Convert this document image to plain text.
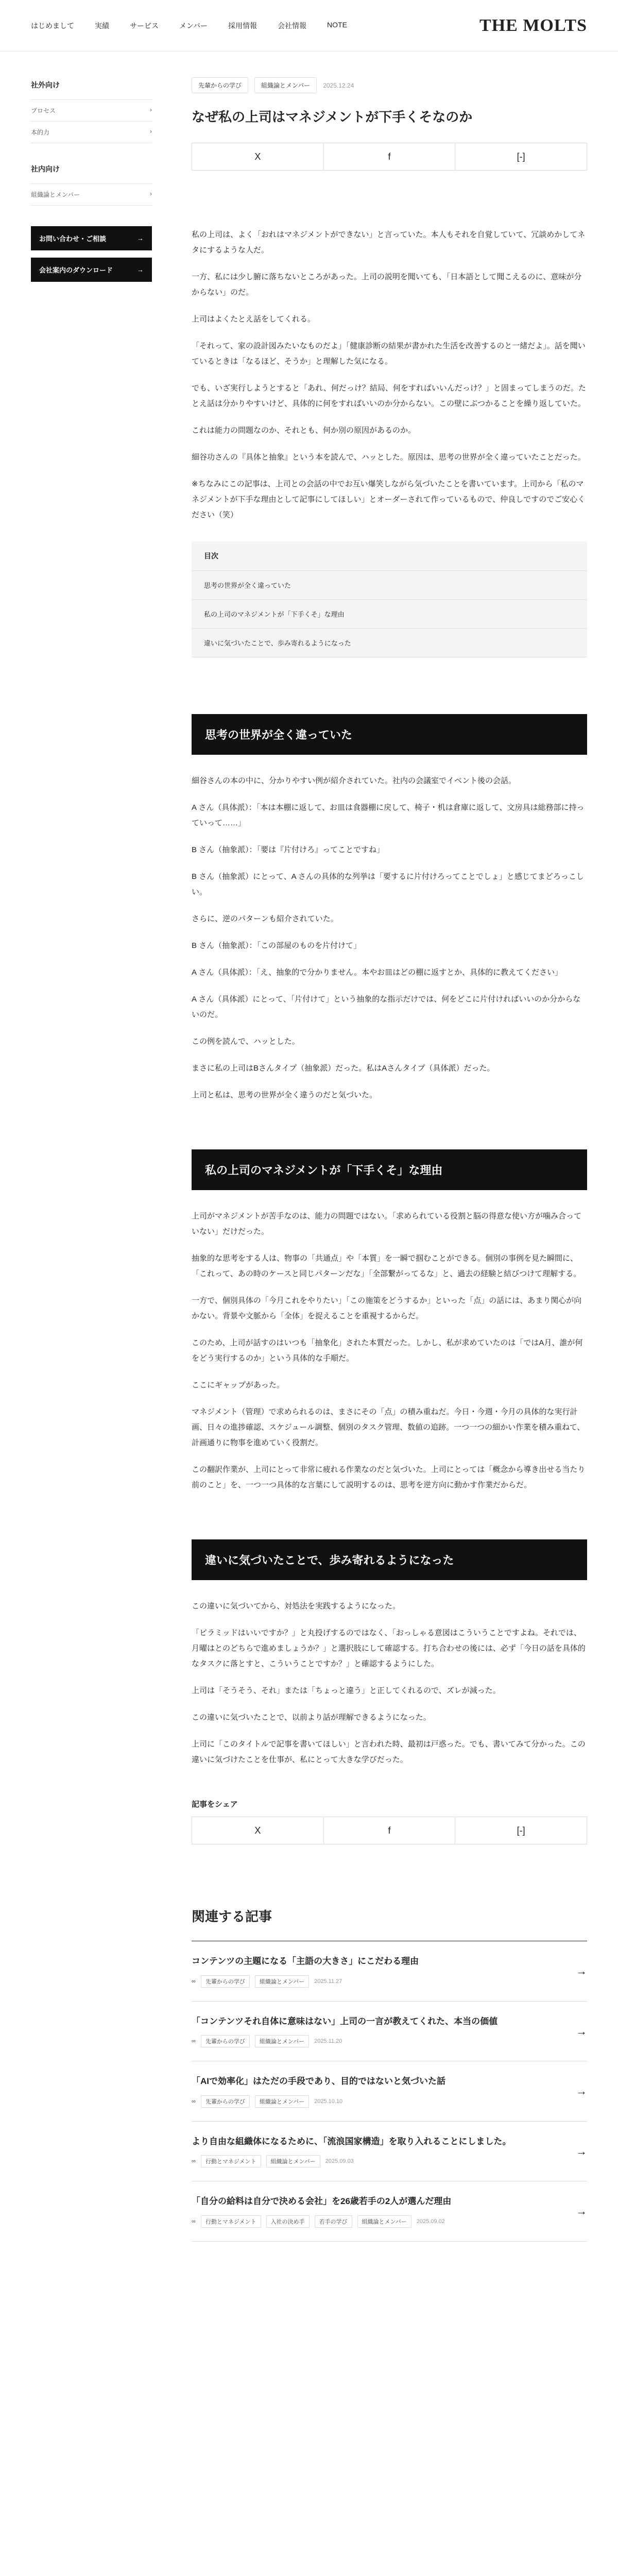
はじめまして	実績	サービス	メンバー	採用情報	会社情報	NOTE	THE MOLTS
社外向け
プロセス	›
本的力	›
社内向け
組織論とメンバー	›
お問い合わせ・ご相談	→
会社案内のダウンロード	→
先輩からの学び	組織論とメンバー	2025.12.24
なぜ私の上司はマネジメントが下手くそなのか
X	f	[-]

私の上司は、よく「おれはマネジメントができない」と言っていた。本人もそれを自覚していて、冗談めかしてネタにするような人だ。

一方、私には少し腑に落ちないところがあった。上司の説明を聞いても、「日本語として聞こえるのに、意味が分からない」のだ。

上司はよくたとえ話をしてくれる。

「それって、家の設計図みたいなものだよ」「健康診断の結果が書かれた生活を改善するのと一緒だよ」。話を聞いているときは「なるほど、そうか」と理解した気になる。

でも、いざ実行しようとすると「あれ、何だっけ？結局、何をすればいいんだっけ？」と固まってしまうのだ。たとえ話は分かりやすいけど、具体的に何をすればいいのか分からない。この壁にぶつかることを繰り返していた。

これは能力の問題なのか、それとも、何か別の原因があるのか。

細谷功さんの『具体と抽象』という本を読んで、ハッとした。原因は、思考の世界が全く違っていたことだった。

※ちなみにこの記事は、上司との会話の中でお互い爆笑しながら気づいたことを書いています。上司から「私のマネジメントが下手な理由として記事にしてほしい」とオーダーされて作っているもので、仲良しですのでご安心ください（笑）

目次
思考の世界が全く違っていた
私の上司のマネジメントが「下手くそ」な理由
違いに気づいたことで、歩み寄れるようになった
思考の世界が全く違っていた

細谷さんの本の中に、分かりやすい例が紹介されていた。社内の会議室でイベント後の会話。

A さん（具体派）：「本は本棚に返して、お皿は食器棚に戻して、椅子・机は倉庫に返して、文房具は総務部に持っていって……」

B さん（抽象派）：「要は『片付けろ』ってことですね」

B さん（抽象派）にとって、A さんの具体的な列挙は「要するに片付けろってことでしょ」と感じてまどろっこしい。

さらに、逆のパターンも紹介されていた。

B さん（抽象派）：「この部屋のものを片付けて」

A さん（具体派）：「え、抽象的で分かりません。本やお皿はどの棚に返すとか、具体的に教えてください」

A さん（具体派）にとって、「片付けて」という抽象的な指示だけでは、何をどこに片付ければいいのか分からないのだ。

この例を読んで、ハッとした。

まさに私の上司はBさんタイプ（抽象派）だった。私はAさんタイプ（具体派）だった。

上司と私は、思考の世界が全く違うのだと気づいた。

私の上司のマネジメントが「下手くそ」な理由

上司がマネジメントが苦手なのは、能力の問題ではない。「求められている役割と脳の得意な使い方が噛み合っていない」だけだった。

抽象的な思考をする人は、物事の「共通点」や「本質」を一瞬で掴むことができる。個別の事例を見た瞬間に、「これって、あの時のケースと同じパターンだな」「全部繋がってるな」と、過去の経験と結びつけて理解する。

一方で、個別具体の「今月これをやりたい」「この施策をどうするか」といった「点」の話には、あまり関心が向かない。背景や文脈から「全体」を捉えることを重視するからだ。

このため、上司が話すのはいつも「抽象化」された本質だった。しかし、私が求めていたのは「ではA月、誰が何をどう実行するのか」という具体的な手順だ。

ここにギャップがあった。

マネジメント（管理）で求められるのは、まさにその「点」の積み重ねだ。今日・今週・今月の具体的な実行計画、日々の進捗確認、スケジュール調整、個別のタスク管理、数値の追跡。一つ一つの細かい作業を積み重ねて、計画通りに物事を進めていく役割だ。

この翻訳作業が、上司にとって非常に疲れる作業なのだと気づいた。上司にとっては「概念から導き出せる当たり前のこと」を、一つ一つ具体的な言葉にして説明するのは、思考を逆方向に動かす作業だからだ。

違いに気づいたことで、歩み寄れるようになった

この違いに気づいてから、対処法を実践するようになった。

「ピラミッドはいいですか？」と丸投げするのではなく、「おっしゃる意図はこういうことですよね。それでは、月曜はとのどちらで進めましょうか？」と選択肢にして確認する。打ち合わせの後には、必ず「今日の話を具体的なタスクに落とすと、こういうことですか？」と確認するようにした。

上司は「そうそう、それ」または「ちょっと違う」と正してくれるので、ズレが減った。

この違いに気づいたことで、以前より話が理解できるようになった。

上司に「このタイトルで記事を書いてほしい」と言われた時、最初は戸惑った。でも、書いてみて分かった。この違いに気づけたことを仕事が、私にとって大きな学びだった。

記事をシェア
X	f	[-]
関連する記事
コンテンツの主題になる「主語の大きさ」にこだわる理由
∞	先輩からの学び	組織論とメンバー	2025.11.27
→
「コンテンツそれ自体に意味はない」上司の一言が教えてくれた、本当の価値
∞	先輩からの学び	組織論とメンバー	2025.11.20
→
「AIで効率化」はただの手段であり、目的ではないと気づいた話
∞	先輩からの学び	組織論とメンバー	2025.10.10
→
より自由な組織体になるために、「流浪国家構造」を取り入れることにしました。
∞	行動とマネジメント	組織論とメンバー	2025.09.03
→
「自分の給料は自分で決める会社」を26歳若手の2人が選んだ理由
∞	行動とマネジメント	入社の決め手	若手の学び	組織論とメンバー	2025.09.02
→
